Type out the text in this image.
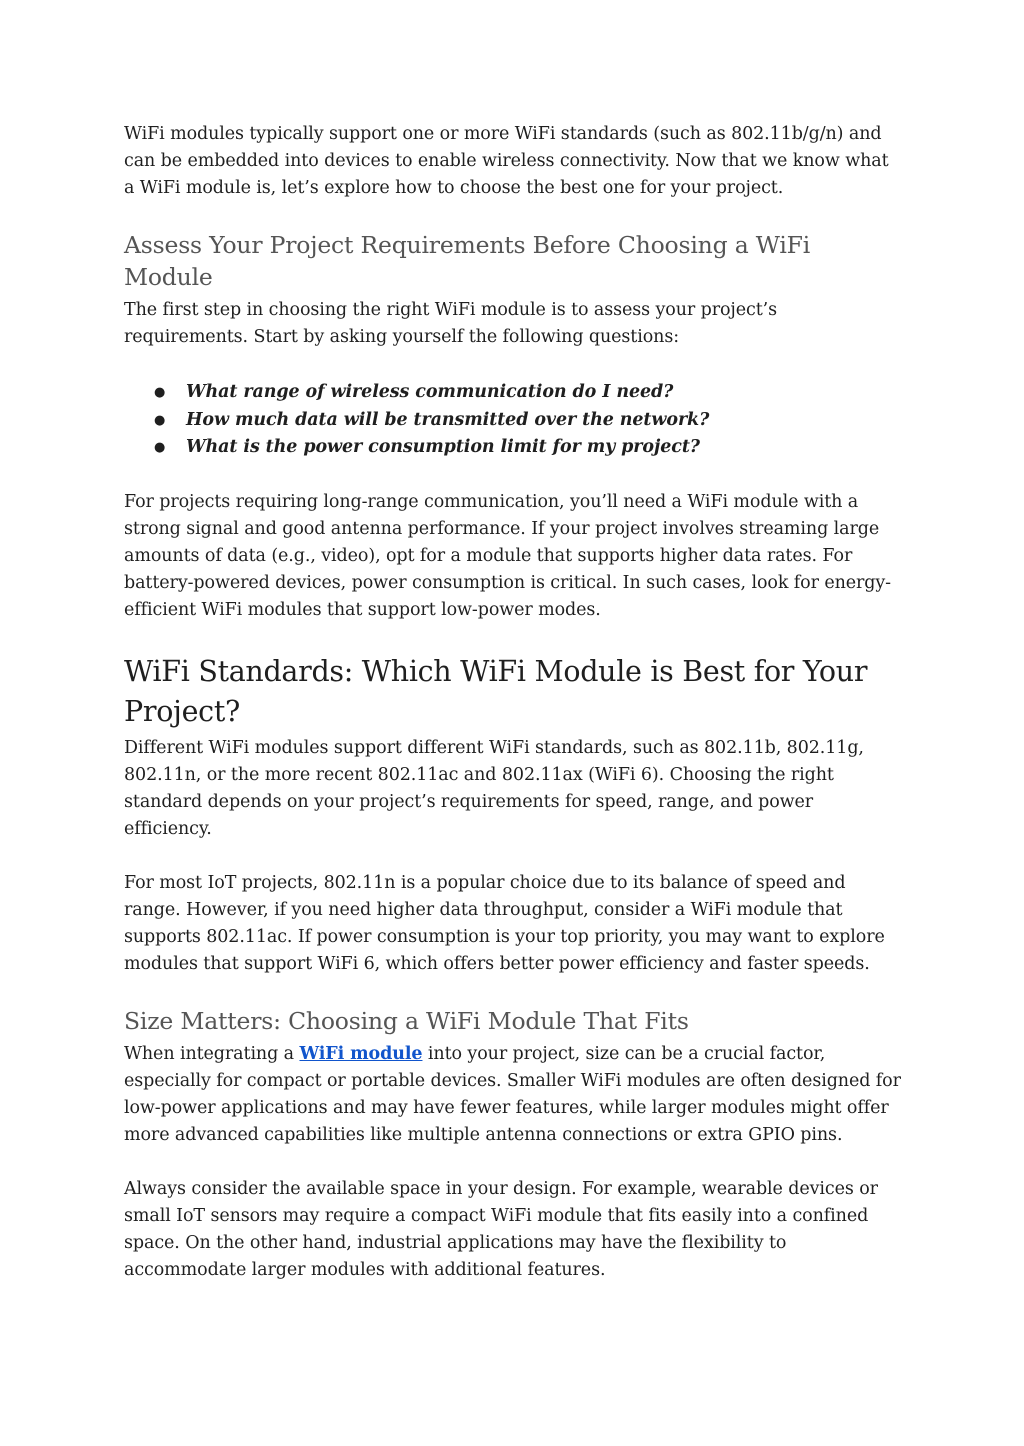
WiFi modules typically support one or more WiFi standards (such as 802.11b/g/n) and can be embedded into devices to enable wireless connectivity. Now that we know what a WiFi module is, let’s explore how to choose the best one for your project.

Assess Your Project Requirements Before Choosing a WiFi Module

The first step in choosing the right WiFi module is to assess your project’s requirements. Start by asking yourself the following questions:

● What range of wireless communication do I need?
● How much data will be transmitted over the network?
● What is the power consumption limit for my project?

For projects requiring long-range communication, you’ll need a WiFi module with a strong signal and good antenna performance. If your project involves streaming large amounts of data (e.g., video), opt for a module that supports higher data rates. For battery-powered devices, power consumption is critical. In such cases, look for energy-efficient WiFi modules that support low-power modes.

WiFi Standards: Which WiFi Module is Best for Your Project?

Different WiFi modules support different WiFi standards, such as 802.11b, 802.11g, 802.11n, or the more recent 802.11ac and 802.11ax (WiFi 6). Choosing the right standard depends on your project’s requirements for speed, range, and power efficiency.

For most IoT projects, 802.11n is a popular choice due to its balance of speed and range. However, if you need higher data throughput, consider a WiFi module that supports 802.11ac. If power consumption is your top priority, you may want to explore modules that support WiFi 6, which offers better power efficiency and faster speeds.

Size Matters: Choosing a WiFi Module That Fits

When integrating a WiFi module into your project, size can be a crucial factor, especially for compact or portable devices. Smaller WiFi modules are often designed for low-power applications and may have fewer features, while larger modules might offer more advanced capabilities like multiple antenna connections or extra GPIO pins.

Always consider the available space in your design. For example, wearable devices or small IoT sensors may require a compact WiFi module that fits easily into a confined space. On the other hand, industrial applications may have the flexibility to accommodate larger modules with additional features.
